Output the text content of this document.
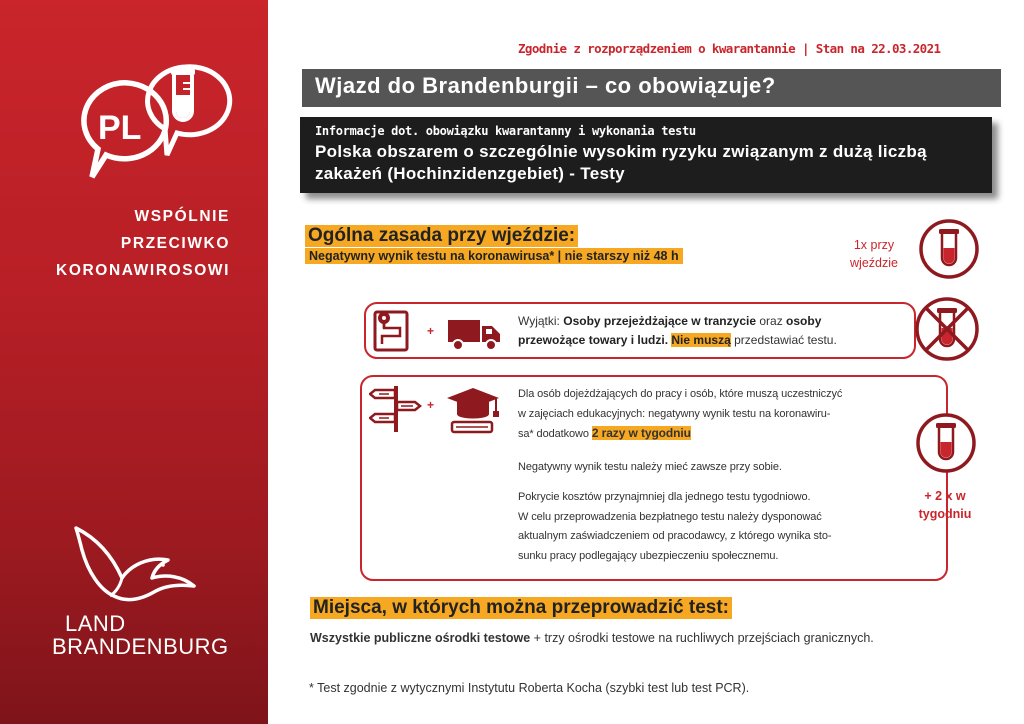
PL
WSPÓLNIE
PRZECIWKO
KORONAWIROSOWI
LAND
BRANDENBURG
Zgodnie z rozporządzeniem o kwarantannie | Stan na 22.03.2021
Wjazd do Brandenburgii – co obowiązuje?
Informacje dot. obowiązku kwarantanny i wykonania testu
Polska obszarem o szczególnie wysokim ryzyku związanym z dużą liczbą zakażeń (Hochinzidenzgebiet) - Testy
Ogólna zasada przy wjeździe:
Negatywny wynik testu na koronawirusa* | nie starszy niż 48 h
1x przy
wjeździe
+
Wyjątki: Osoby przejeżdżające w tranzycie oraz osoby przewożące towary i ludzi. Nie muszą przedstawiać testu.
+
Dla osób dojeżdżających do pracy i osób, które muszą uczestniczyć
w zajęciach edukacyjnych: negatywny wynik testu na koronawiru-
sa* dodatkowo 2 razy w tygodniu
Negatywny wynik testu należy mieć zawsze przy sobie.
Pokrycie kosztów przynajmniej dla jednego testu tygodniowo.
W celu przeprowadzenia bezpłatnego testu należy dysponować
aktualnym zaświadczeniem od pracodawcy, z którego wynika sto-
sunku pracy podlegający ubezpieczeniu społecznemu.
+ 2 x w
tygodniu
Miejsca, w których można przeprowadzić test:
Wszystkie publiczne ośrodki testowe + trzy ośrodki testowe na ruchliwych przejściach granicznych.
* Test zgodnie z wytycznymi Instytutu Roberta Kocha (szybki test lub test PCR).
